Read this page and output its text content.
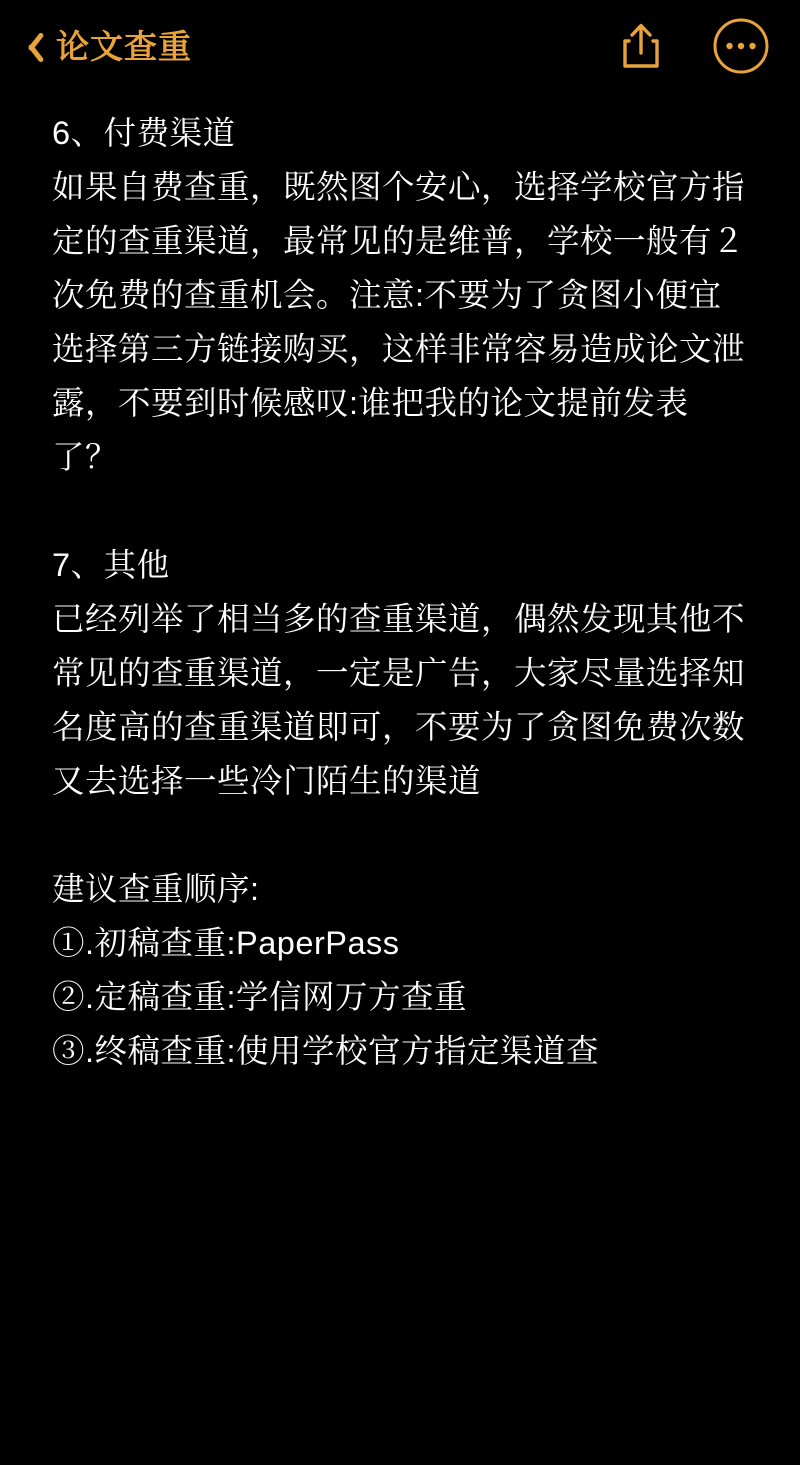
论文查重

6、付费渠道

如果自费查重，既然图个安心，选择学校官方指定的查重渠道，最常见的是维普，学校一般有２次免费的查重机会。注意:不要为了贪图小便宜选择第三方链接购买，这样非常容易造成论文泄露，不要到时候感叹:谁把我的论文提前发表了？

7、其他

已经列举了相当多的查重渠道，偶然发现其他不常见的查重渠道，一定是广告，大家尽量选择知名度高的查重渠道即可，不要为了贪图免费次数又去选择一些冷门陌生的渠道

建议查重顺序:

①.初稿查重:PaperPass

②.定稿查重:学信网万方查重

③.终稿查重:使用学校官方指定渠道查
